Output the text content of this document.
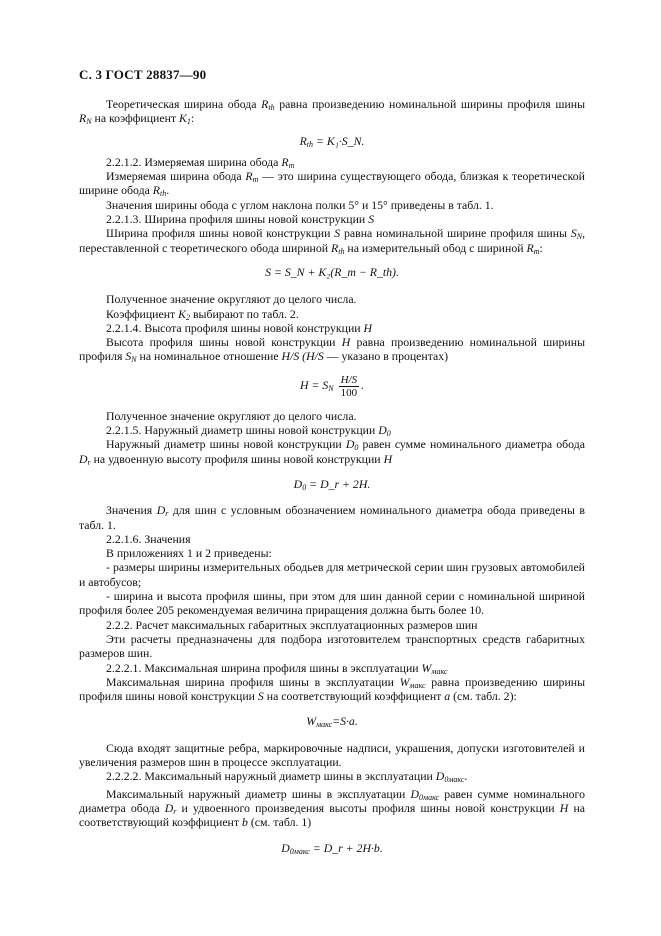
С. 3 ГОСТ 28837—90

Теоретическая ширина обода $R_{th}$ равна произведению номинальной ширины профиля шины $R_N$ на коэффициент $K_1$:

$R_{th}$ = K₁·S_N.

2.2.1.2. Измеряемая ширина обода $R_m$

Измеряемая ширина обода $R_m$ — это ширина существующего обода, близкая к теоретической ширине обода $R_{th}$.

Значения ширины обода с углом наклона полки 5° и 15° приведены в табл. 1.

2.2.1.3. Ширина профиля шины новой конструкции S

Ширина профиля шины новой конструкции S равна номинальной ширине профиля шины $S_N$, переставленной с теоретического обода шириной $R_{th}$ на измерительный обод с шириной $R_m$:

S = S_N + K₂(R_m − R_th).

Полученное значение округляют до целого числа.

Коэффициент $K_2$ выбирают по табл. 2.

2.2.1.4. Высота профиля шины новой конструкции H

Высота профиля шины новой конструкции H равна произведению номинальной ширины профиля $S_N$ на номинальное отношение H/S (H/S — указано в процентах)

$H = S_N \frac{H/S}{100}$ .

Полученное значение округляют до целого числа.

2.2.1.5. Наружный диаметр шины новой конструкции $D_0$

Наружный диаметр шины новой конструкции $D_0$ равен сумме номинального диаметра обода $D_r$ на удвоенную высоту профиля шины новой конструкции H

$D_0$ = D_r + 2H.

Значения $D_r$ для шин с условным обозначением номинального диаметра обода приведены в табл. 1.

2.2.1.6. Значения

В приложениях 1 и 2 приведены:

- размеры ширины измерительных ободьев для метрической серии шин грузовых автомобилей и автобусов;

- ширина и высота профиля шины, при этом для шин данной серии с номинальной шириной профиля более 205 рекомендуемая величина приращения должна быть более 10.

2.2.2. Расчет максимальных габаритных эксплуатационных размеров шин

Эти расчеты предназначены для подбора изготовителем транспортных средств габаритных размеров шин.

2.2.2.1. Максимальная ширина профиля шины в эксплуатации $W_{макс}$

Максимальная ширина профиля шины в эксплуатации $W_{макс}$ равна произведению ширины профиля шины новой конструкции S на соответствующий коэффициент a (см. табл. 2):

$W_{макс}=S\cdot a$.

Сюда входят защитные ребра, маркировочные надписи, украшения, допуски изготовителей и увеличения размеров шин в процессе эксплуатации.

2.2.2.2. Максимальный наружный диаметр шины в эксплуатации $D_{0макс}$.

Максимальный наружный диаметр шины в эксплуатации $D_{0макс}$ равен сумме номинального диаметра обода $D_r$ и удвоенного произведения высоты профиля шины новой конструкции H на соответствующий коэффициент b (см. табл. 1)

$D_{0макс}$ = D_r + 2H·b.
